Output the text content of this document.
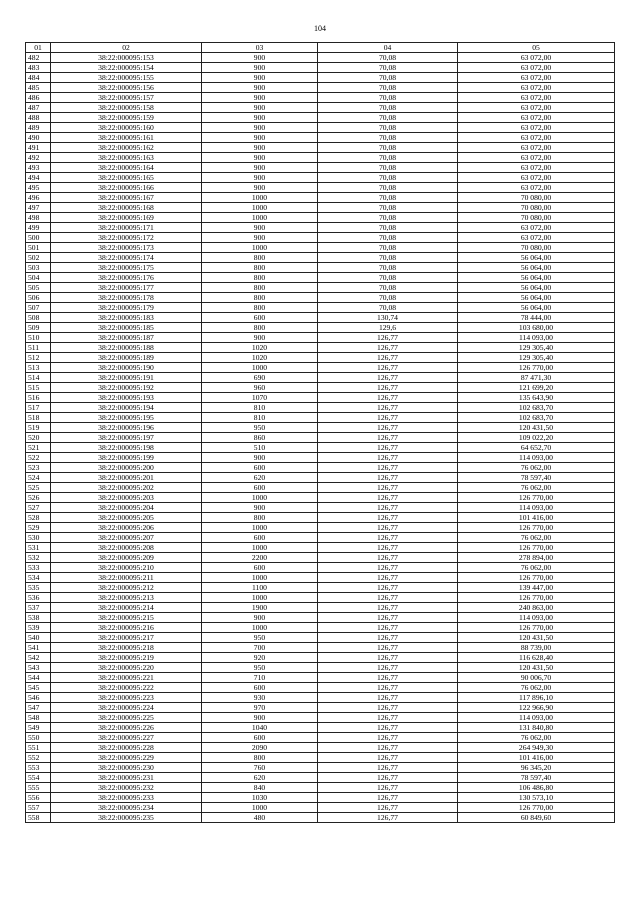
104
01	02	03	04	05
482	38:22:000095:153	900	70,08	63 072,00
483	38:22:000095:154	900	70,08	63 072,00
484	38:22:000095:155	900	70,08	63 072,00
485	38:22:000095:156	900	70,08	63 072,00
486	38:22:000095:157	900	70,08	63 072,00
487	38:22:000095:158	900	70,08	63 072,00
488	38:22:000095:159	900	70,08	63 072,00
489	38:22:000095:160	900	70,08	63 072,00
490	38:22:000095:161	900	70,08	63 072,00
491	38:22:000095:162	900	70,08	63 072,00
492	38:22:000095:163	900	70,08	63 072,00
493	38:22:000095:164	900	70,08	63 072,00
494	38:22:000095:165	900	70,08	63 072,00
495	38:22:000095:166	900	70,08	63 072,00
496	38:22:000095:167	1000	70,08	70 080,00
497	38:22:000095:168	1000	70,08	70 080,00
498	38:22:000095:169	1000	70,08	70 080,00
499	38:22:000095:171	900	70,08	63 072,00
500	38:22:000095:172	900	70,08	63 072,00
501	38:22:000095:173	1000	70,08	70 080,00
502	38:22:000095:174	800	70,08	56 064,00
503	38:22:000095:175	800	70,08	56 064,00
504	38:22:000095:176	800	70,08	56 064,00
505	38:22:000095:177	800	70,08	56 064,00
506	38:22:000095:178	800	70,08	56 064,00
507	38:22:000095:179	800	70,08	56 064,00
508	38:22:000095:183	600	130,74	78 444,00
509	38:22:000095:185	800	129,6	103 680,00
510	38:22:000095:187	900	126,77	114 093,00
511	38:22:000095:188	1020	126,77	129 305,40
512	38:22:000095:189	1020	126,77	129 305,40
513	38:22:000095:190	1000	126,77	126 770,00
514	38:22:000095:191	690	126,77	87 471,30
515	38:22:000095:192	960	126,77	121 699,20
516	38:22:000095:193	1070	126,77	135 643,90
517	38:22:000095:194	810	126,77	102 683,70
518	38:22:000095:195	810	126,77	102 683,70
519	38:22:000095:196	950	126,77	120 431,50
520	38:22:000095:197	860	126,77	109 022,20
521	38:22:000095:198	510	126,77	64 652,70
522	38:22:000095:199	900	126,77	114 093,00
523	38:22:000095:200	600	126,77	76 062,00
524	38:22:000095:201	620	126,77	78 597,40
525	38:22:000095:202	600	126,77	76 062,00
526	38:22:000095:203	1000	126,77	126 770,00
527	38:22:000095:204	900	126,77	114 093,00
528	38:22:000095:205	800	126,77	101 416,00
529	38:22:000095:206	1000	126,77	126 770,00
530	38:22:000095:207	600	126,77	76 062,00
531	38:22:000095:208	1000	126,77	126 770,00
532	38:22:000095:209	2200	126,77	278 894,00
533	38:22:000095:210	600	126,77	76 062,00
534	38:22:000095:211	1000	126,77	126 770,00
535	38:22:000095:212	1100	126,77	139 447,00
536	38:22:000095:213	1000	126,77	126 770,00
537	38:22:000095:214	1900	126,77	240 863,00
538	38:22:000095:215	900	126,77	114 093,00
539	38:22:000095:216	1000	126,77	126 770,00
540	38:22:000095:217	950	126,77	120 431,50
541	38:22:000095:218	700	126,77	88 739,00
542	38:22:000095:219	920	126,77	116 628,40
543	38:22:000095:220	950	126,77	120 431,50
544	38:22:000095:221	710	126,77	90 006,70
545	38:22:000095:222	600	126,77	76 062,00
546	38:22:000095:223	930	126,77	117 896,10
547	38:22:000095:224	970	126,77	122 966,90
548	38:22:000095:225	900	126,77	114 093,00
549	38:22:000095:226	1040	126,77	131 840,80
550	38:22:000095:227	600	126,77	76 062,00
551	38:22:000095:228	2090	126,77	264 949,30
552	38:22:000095:229	800	126,77	101 416,00
553	38:22:000095:230	760	126,77	96 345,20
554	38:22:000095:231	620	126,77	78 597,40
555	38:22:000095:232	840	126,77	106 486,80
556	38:22:000095:233	1030	126,77	130 573,10
557	38:22:000095:234	1000	126,77	126 770,00
558	38:22:000095:235	480	126,77	60 849,60
